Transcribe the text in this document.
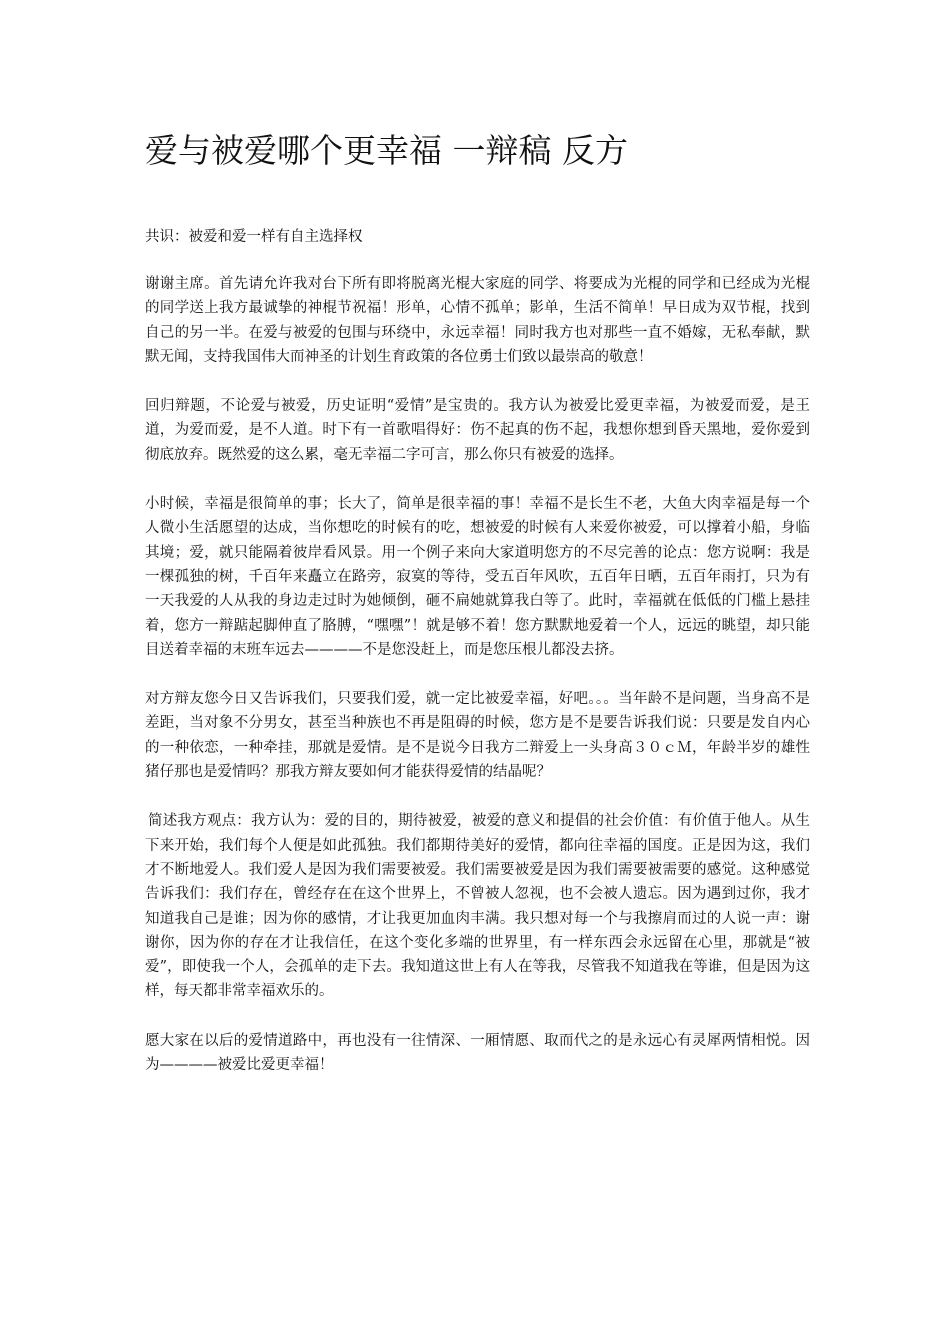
爱与被爱哪个更幸福 一辩稿 反方

共识：被爱和爱一样有自主选择权

谢谢主席。首先请允许我对台下所有即将脱离光棍大家庭的同学、将要成为光棍的同学和已经成为光棍的同学送上我方最诚挚的神棍节祝福！形单，心情不孤单；影单，生活不简单！早日成为双节棍，找到自己的另一半。在爱与被爱的包围与环绕中，永远幸福！同时我方也对那些一直不婚嫁，无私奉献，默默无闻，支持我国伟大而神圣的计划生育政策的各位勇士们致以最崇高的敬意！

回归辩题，不论爱与被爱，历史证明“爱情”是宝贵的。我方认为被爱比爱更幸福，为被爱而爱，是王道，为爱而爱，是不人道。时下有一首歌唱得好：伤不起真的伤不起，我想你想到昏天黑地，爱你爱到彻底放弃。既然爱的这么累，毫无幸福二字可言，那么你只有被爱的选择。

小时候，幸福是很简单的事；长大了，简单是很幸福的事！幸福不是长生不老，大鱼大肉幸福是每一个人微小生活愿望的达成，当你想吃的时候有的吃，想被爱的时候有人来爱你被爱，可以撑着小船，身临其境；爱，就只能隔着彼岸看风景。用一个例子来向大家道明您方的不尽完善的论点：您方说啊：我是一棵孤独的树，千百年来矗立在路旁，寂寞的等待，受五百年风吹，五百年日晒，五百年雨打，只为有一天我爱的人从我的身边走过时为她倾倒，砸不扁她就算我白等了。此时，幸福就在低低的门槛上悬挂着，您方一辩踮起脚伸直了胳膊，“嘿嘿”！就是够不着！您方默默地爱着一个人，远远的眺望，却只能目送着幸福的末班车远去————不是您没赶上，而是您压根儿都没去挤。

对方辩友您今日又告诉我们，只要我们爱，就一定比被爱幸福，好吧。。。当年龄不是问题，当身高不是差距，当对象不分男女，甚至当种族也不再是阻碍的时候，您方是不是要告诉我们说：只要是发自内心的一种依恋，一种牵挂，那就是爱情。是不是说今日我方二辩爱上一头身高３０ｃＭ，年龄半岁的雄性猪仔那也是爱情吗？那我方辩友要如何才能获得爱情的结晶呢？

简述我方观点：我方认为：爱的目的，期待被爱，被爱的意义和提倡的社会价值：有价值于他人。从生下来开始，我们每个人便是如此孤独。我们都期待美好的爱情，都向往幸福的国度。正是因为这，我们才不断地爱人。我们爱人是因为我们需要被爱。我们需要被爱是因为我们需要被需要的感觉。这种感觉告诉我们：我们存在，曾经存在在这个世界上，不曾被人忽视，也不会被人遗忘。因为遇到过你，我才知道我自己是谁；因为你的感情，才让我更加血肉丰满。我只想对每一个与我擦肩而过的人说一声：谢谢你，因为你的存在才让我信任，在这个变化多端的世界里，有一样东西会永远留在心里，那就是“被爱”，即使我一个人，会孤单的走下去。我知道这世上有人在等我，尽管我不知道我在等谁，但是因为这样，每天都非常幸福欢乐的。

愿大家在以后的爱情道路中，再也没有一往情深、一厢情愿、取而代之的是永远心有灵犀两情相悦。因为————被爱比爱更幸福！
